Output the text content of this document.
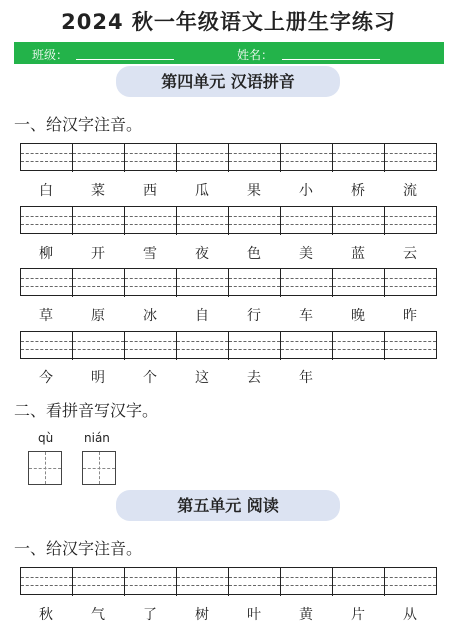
2024 秋一年级语文上册生字练习
班级：	姓名：
第四单元 汉语拼音
一、给汉字注音。
白	菜	西	瓜	果	小	桥	流
柳	开	雪	夜	色	美	蓝	云
草	原	冰	自	行	车	晚	昨
今	明	个	这	去	年
二、看拼音写汉字。
qù	nián
第五单元 阅读
一、给汉字注音。
秋	气	了	树	叶	黄	片	从
